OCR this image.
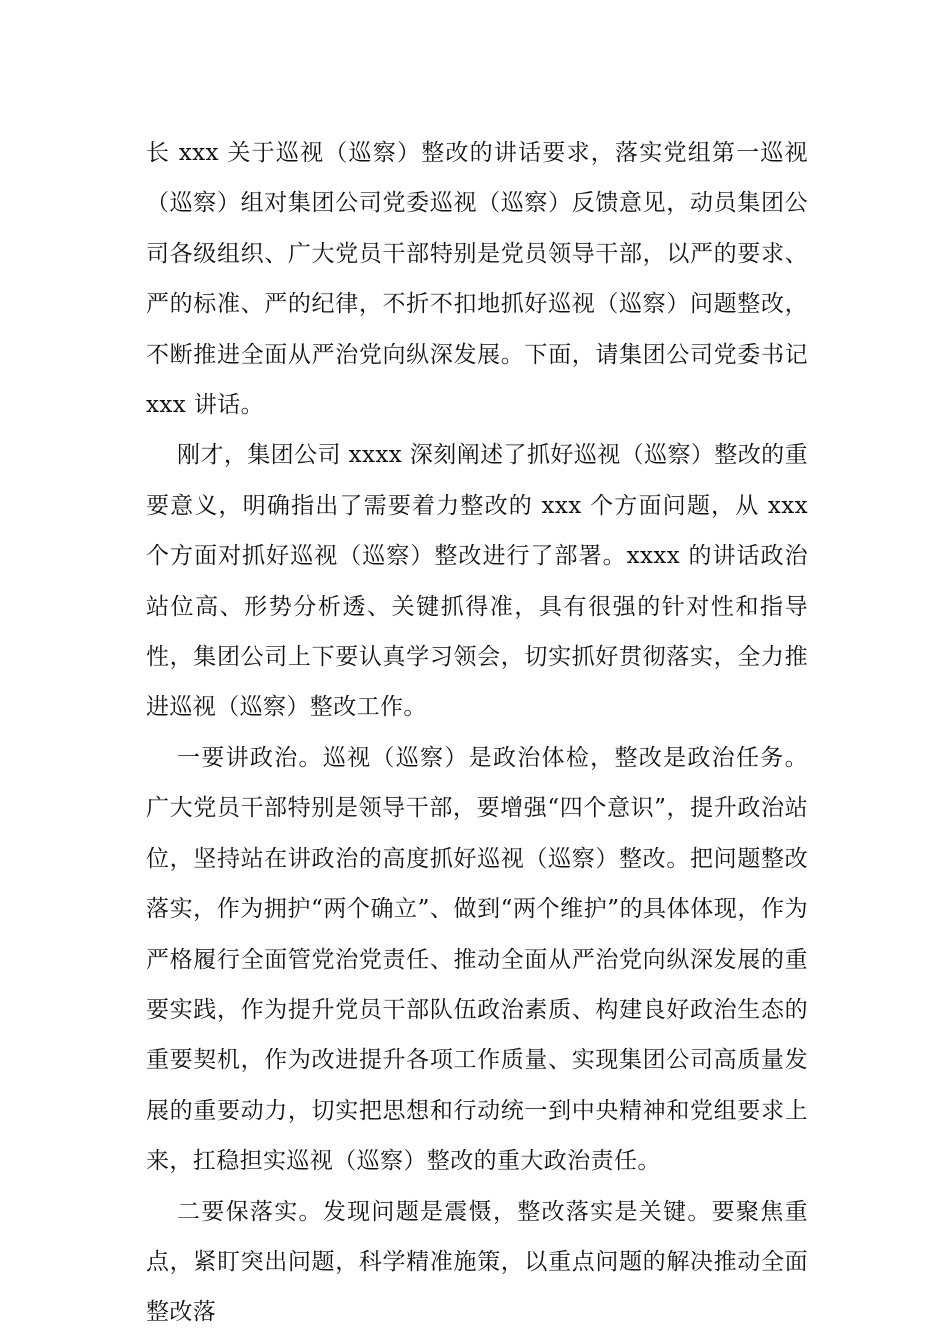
长 xxx 关于巡视（巡察）整改的讲话要求，落实党组第一巡视（巡察）组对集团公司党委巡视（巡察）反馈意见，动员集团公司各级组织、广大党员干部特别是党员领导干部，以严的要求、严的标准、严的纪律，不折不扣地抓好巡视（巡察）问题整改，不断推进全面从严治党向纵深发展。下面，请集团公司党委书记 xxx 讲话。

刚才，集团公司 xxxx 深刻阐述了抓好巡视（巡察）整改的重要意义，明确指出了需要着力整改的 xxx 个方面问题，从 xxx 个方面对抓好巡视（巡察）整改进行了部署。xxxx 的讲话政治站位高、形势分析透、关键抓得准，具有很强的针对性和指导性，集团公司上下要认真学习领会，切实抓好贯彻落实，全力推进巡视（巡察）整改工作。

一要讲政治。巡视（巡察）是政治体检，整改是政治任务。广大党员干部特别是领导干部，要增强“四个意识”，提升政治站位，坚持站在讲政治的高度抓好巡视（巡察）整改。把问题整改落实，作为拥护“两个确立”、做到“两个维护”的具体体现，作为严格履行全面管党治党责任、推动全面从严治党向纵深发展的重要实践，作为提升党员干部队伍政治素质、构建良好政治生态的重要契机，作为改进提升各项工作质量、实现集团公司高质量发展的重要动力，切实把思想和行动统一到中央精神和党组要求上来，扛稳担实巡视（巡察）整改的重大政治责任。

二要保落实。发现问题是震慑，整改落实是关键。要聚焦重点，紧盯突出问题，科学精准施策，以重点问题的解决推动全面整改落
